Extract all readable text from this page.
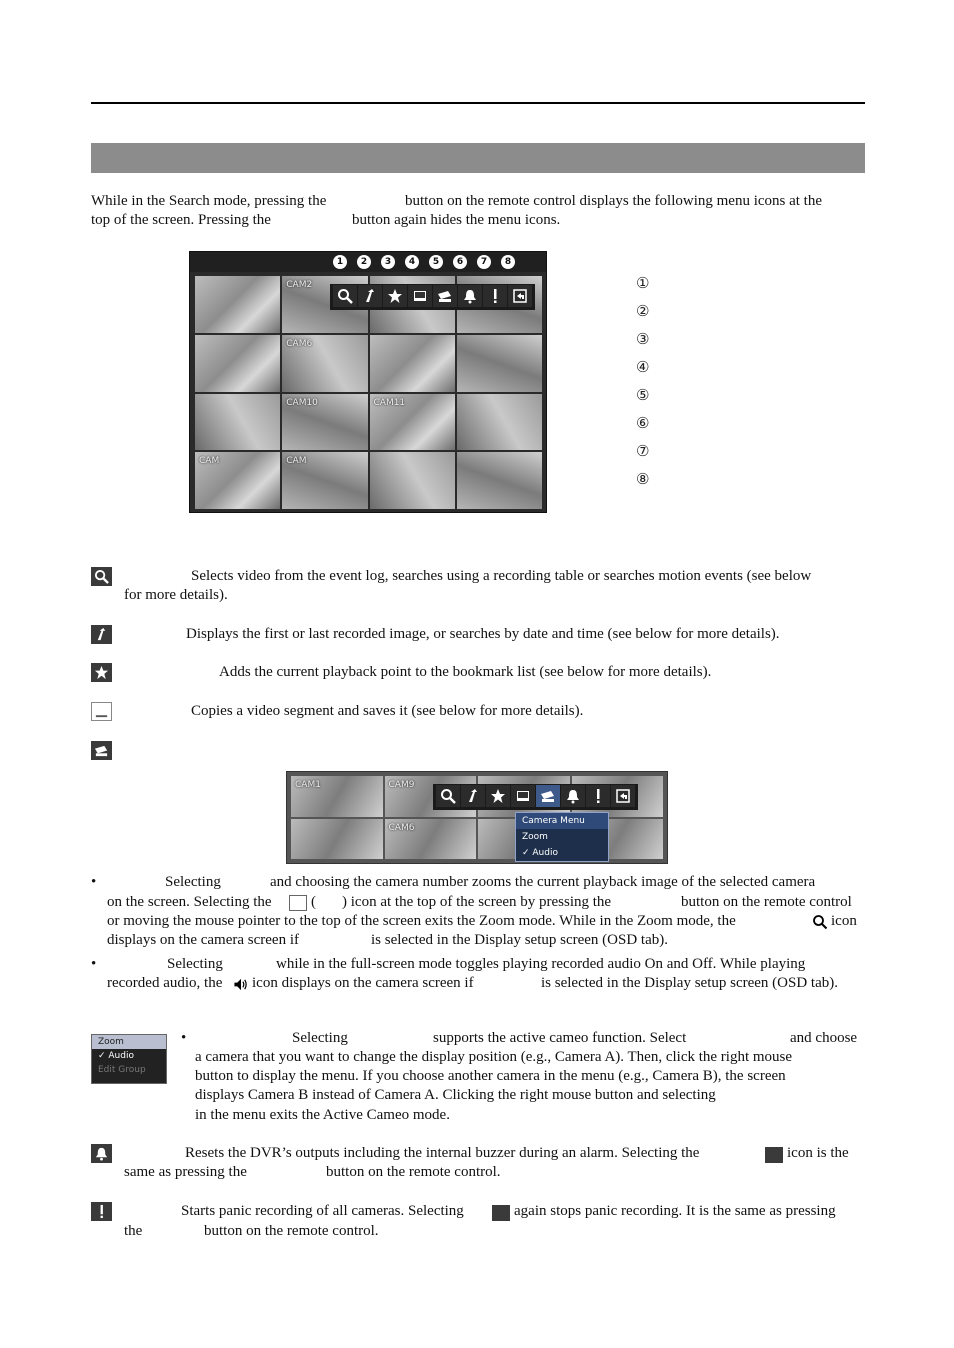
While in the Search mode, pressing the	button on the remote control displays the following menu icons at the
top of the screen. Pressing the	button again hides the menu icons.
1	2	3	4	5	6	7	8
CAM2
CAM6
CAM10	CAM11
CAM	CAM
①
②
③
④
⑤
⑥
⑦
⑧
Selects video from the event log, searches using a recording table or searches motion events (see below
for more details).
Displays the first or last recorded image, or searches by date and time (see below for more details).
Adds the current playback point to the bookmark list (see below for more details).
Copies a video segment and saves it (see below for more details).
CAM1	CAM9
CAM6
Camera Menu
Zoom
✓ Audio
•	Selecting	and choosing the camera number zooms the current playback image of the selected camera
on the screen. Selecting the	( ) icon at the top of the screen by pressing the	button on the remote control
or moving the mouse pointer to the top of the screen exits the Zoom mode. While in the Zoom mode, the	icon
displays on the camera screen if	is selected in the Display setup screen (OSD tab).
•	Selecting	while in the full-screen mode toggles playing recorded audio On and Off. While playing
recorded audio, the icon displays on the camera screen if	is selected in the Display setup screen (OSD tab).
Zoom
✓ Audio
Edit Group
•	Selecting	supports the active cameo function. Select	and choose
a camera that you want to change the display position (e.g., Camera A). Then, click the right mouse
button to display the menu. If you choose another camera in the menu (e.g., Camera B), the screen
displays Camera B instead of Camera A. Clicking the right mouse button and selecting
in the menu exits the Active Cameo mode.
Resets the DVR’s outputs including the internal buzzer during an alarm. Selecting the	icon is the
same as pressing the	button on the remote control.
Starts panic recording of all cameras. Selecting	again stops panic recording. It is the same as pressing
the	button on the remote control.
